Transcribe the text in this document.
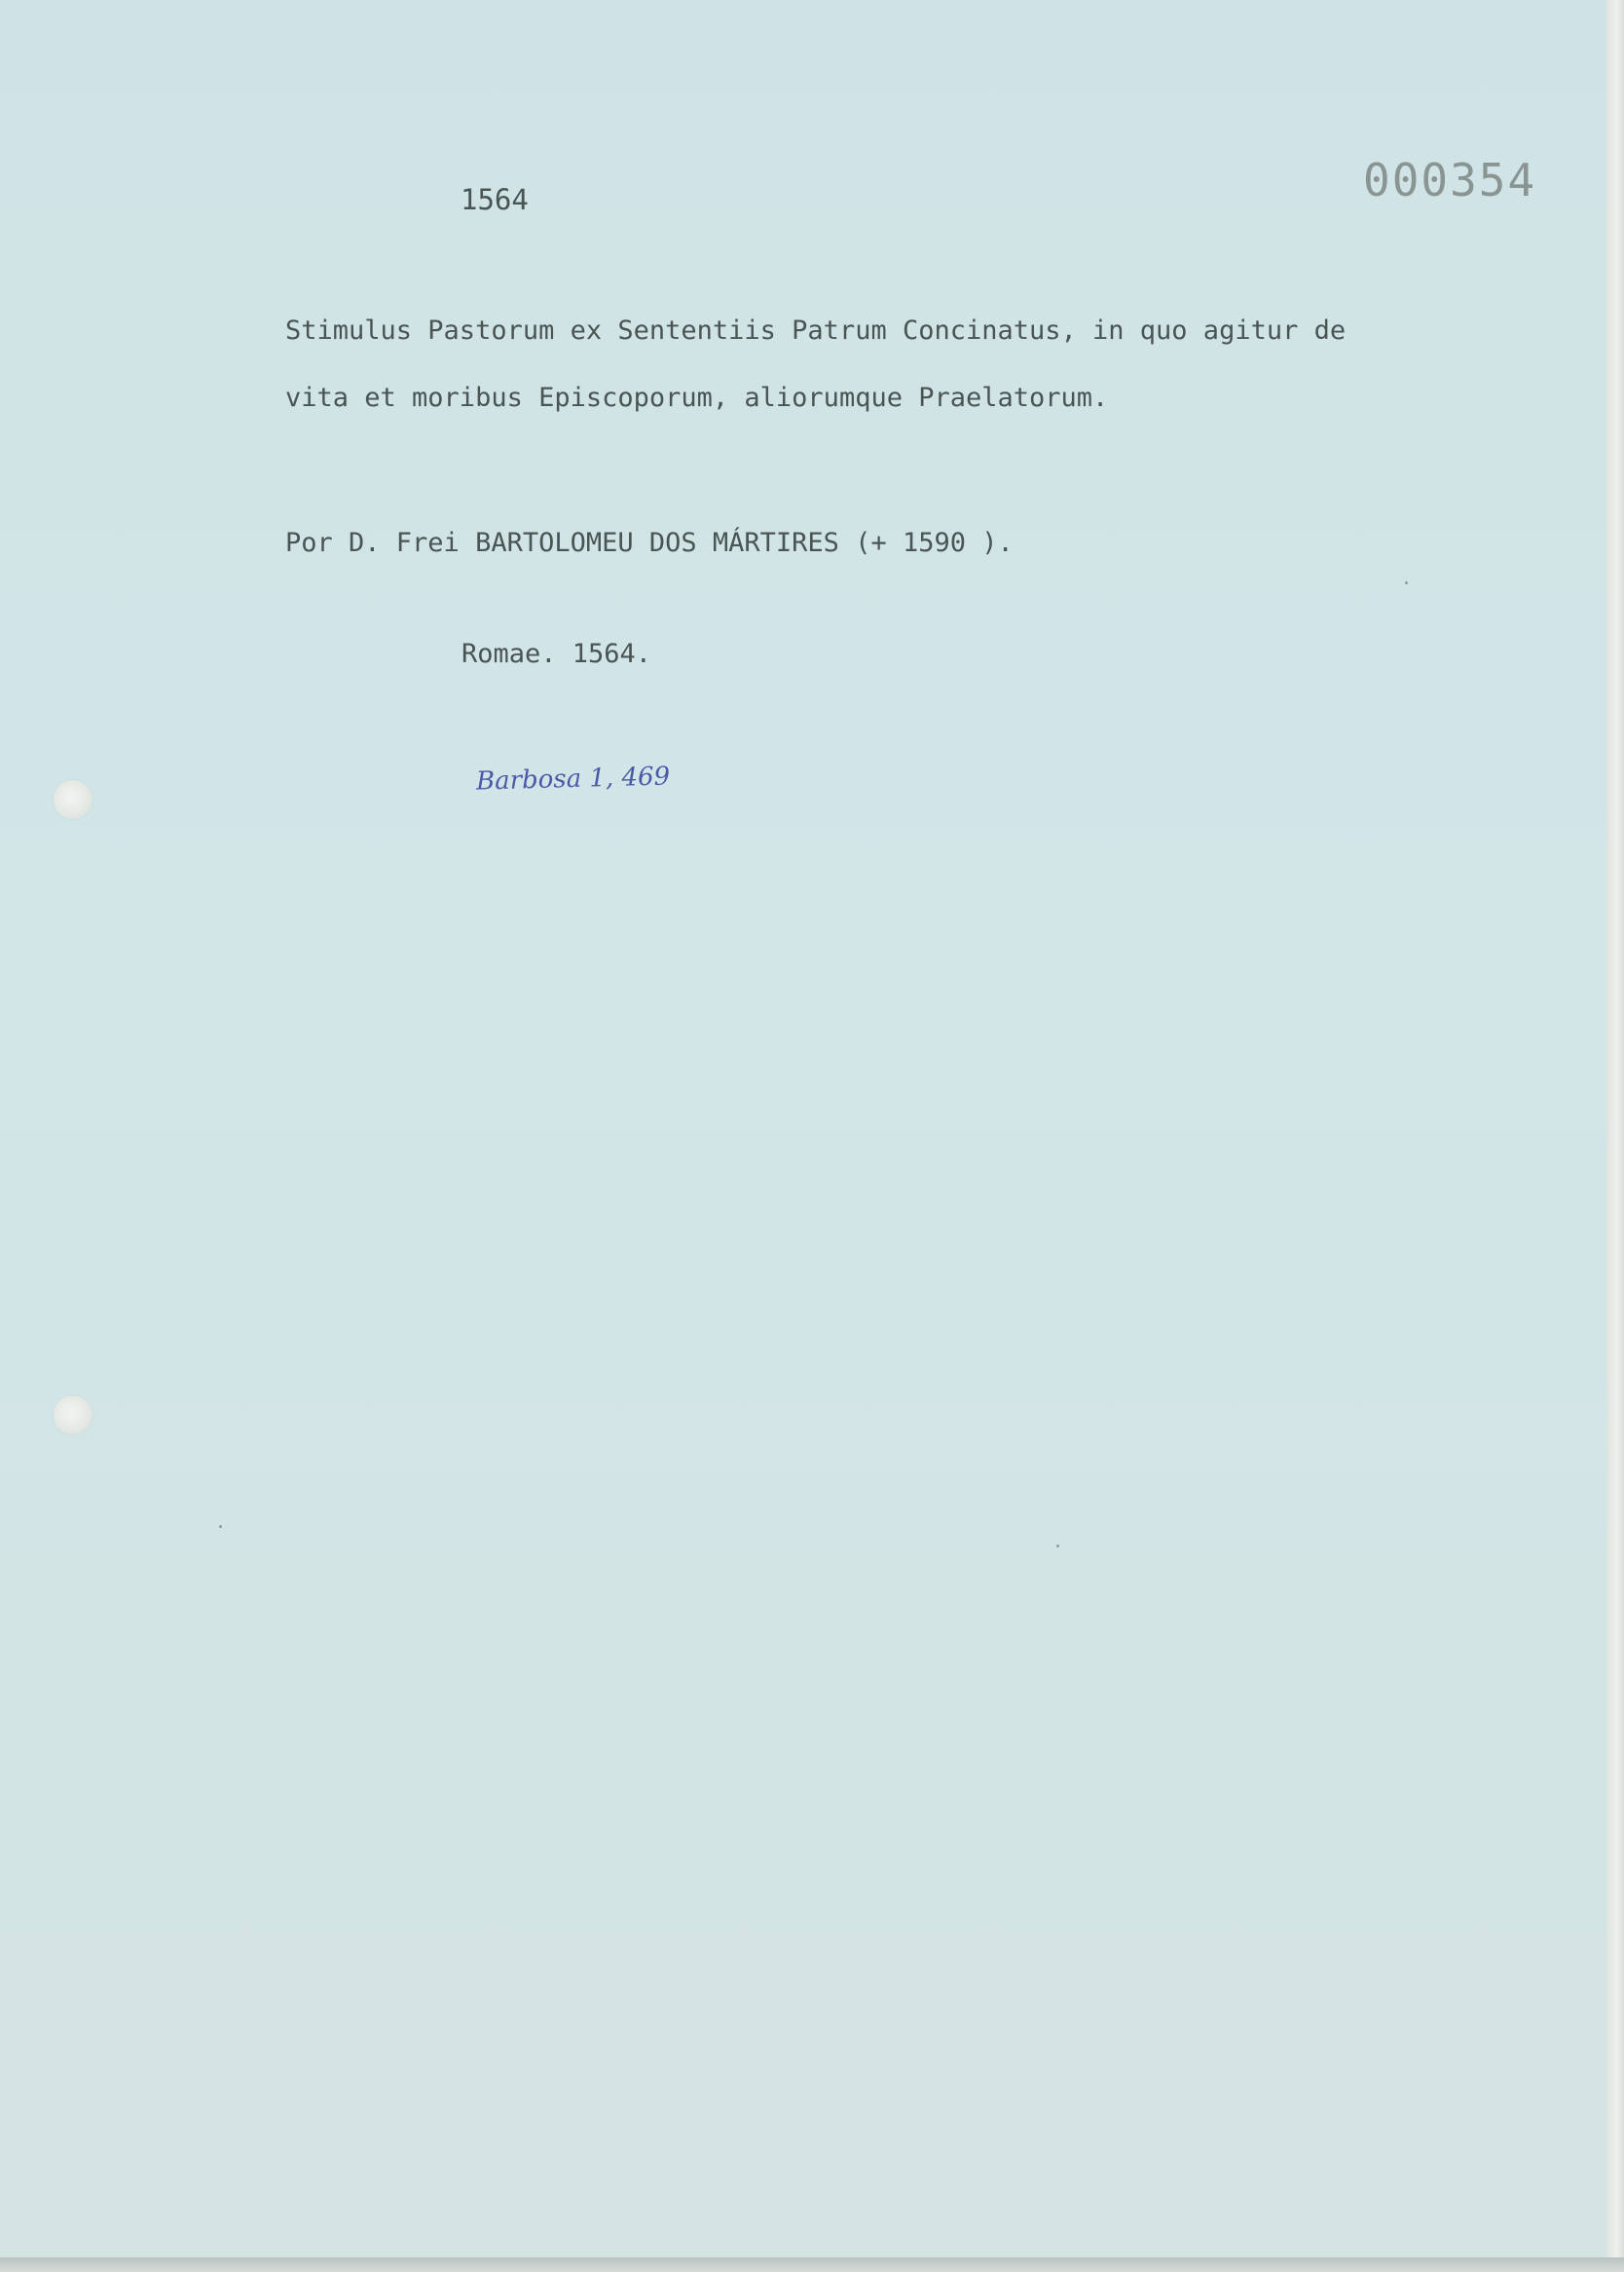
1564	000354

Stimulus Pastorum ex Sententiis Patrum Concinatus, in quo agitur de

vita et moribus Episcoporum, aliorumque Praelatorum.

Por D. Frei BARTOLOMEU DOS MÁRTIRES (+ 1590 ).

Romae. 1564.

Barbosa 1, 469
